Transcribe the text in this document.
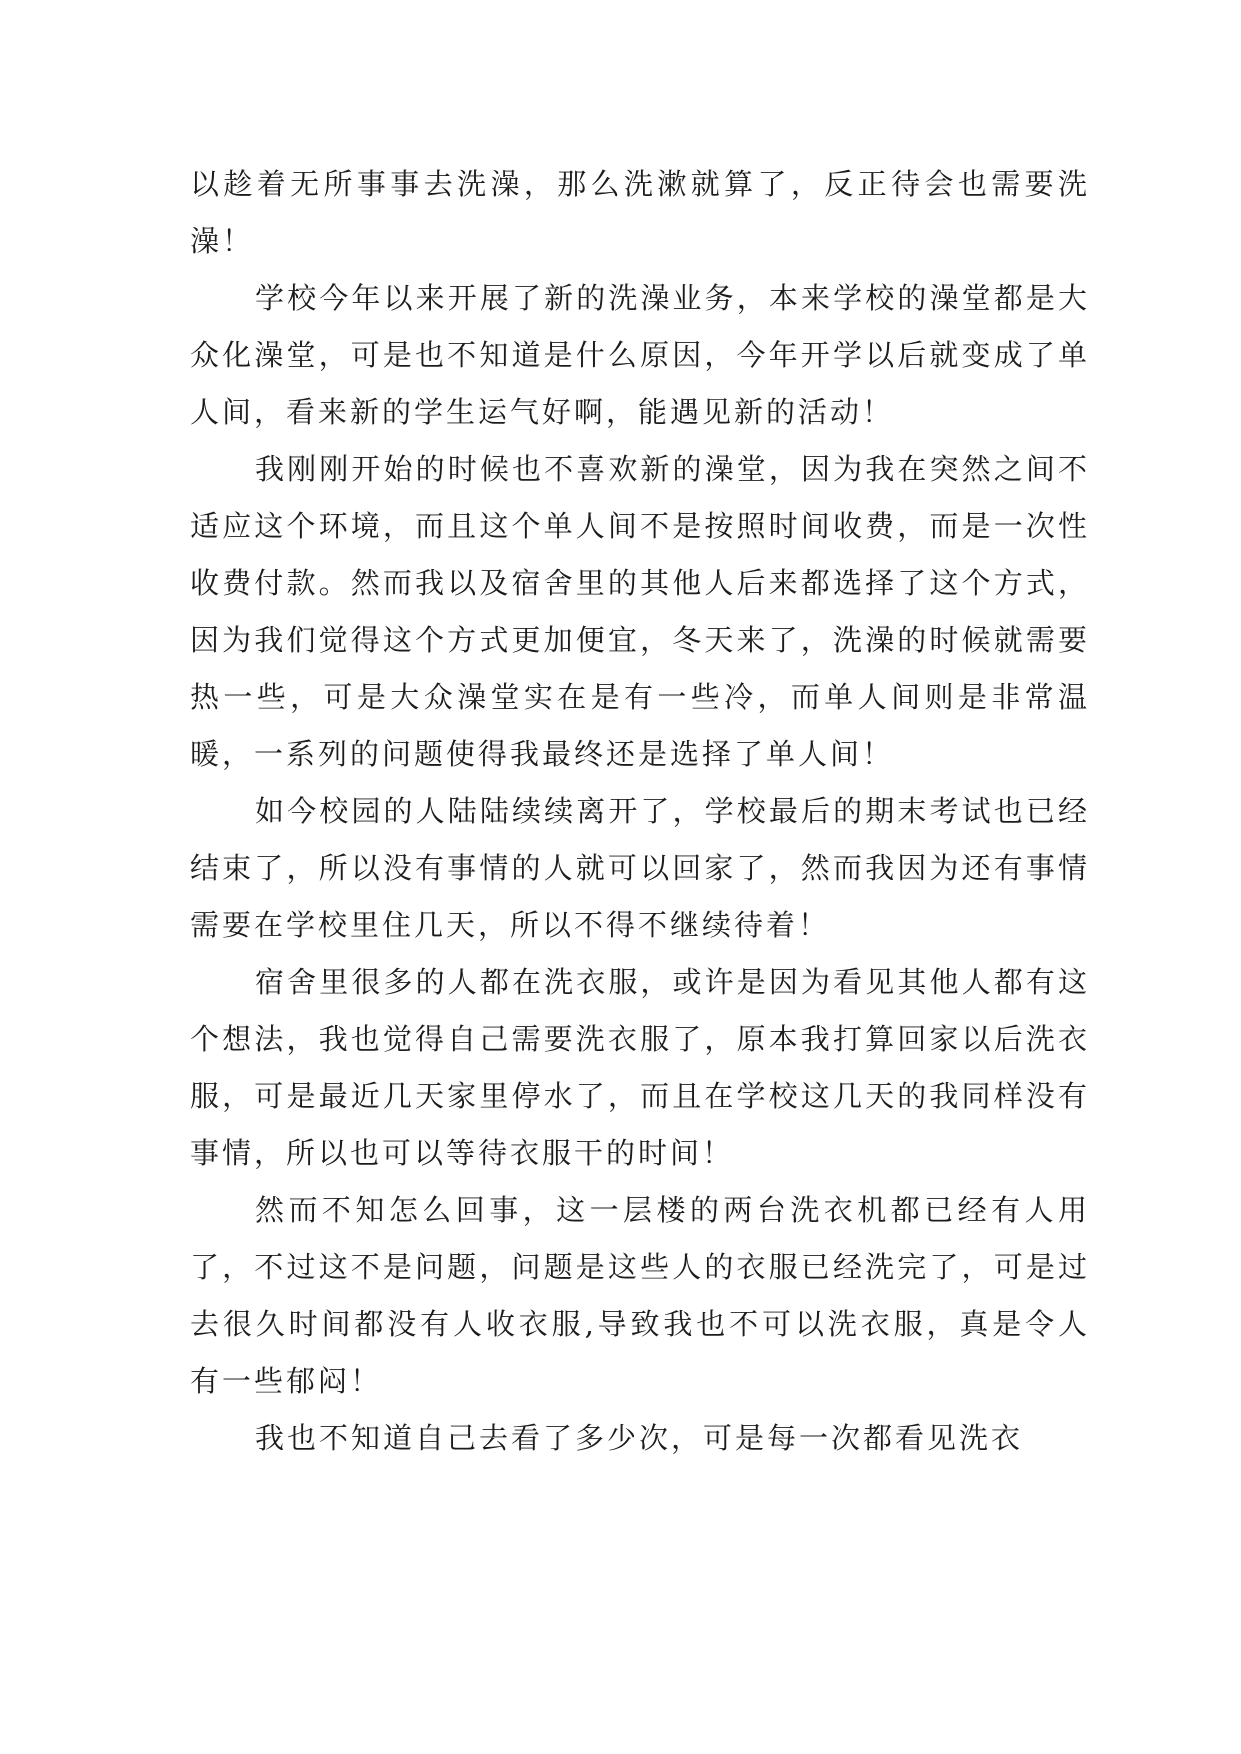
以趁着无所事事去洗澡，那么洗漱就算了，反正待会也需要洗澡！

学校今年以来开展了新的洗澡业务，本来学校的澡堂都是大众化澡堂，可是也不知道是什么原因，今年开学以后就变成了单人间，看来新的学生运气好啊，能遇见新的活动！

我刚刚开始的时候也不喜欢新的澡堂，因为我在突然之间不适应这个环境，而且这个单人间不是按照时间收费，而是一次性收费付款。然而我以及宿舍里的其他人后来都选择了这个方式，因为我们觉得这个方式更加便宜，冬天来了，洗澡的时候就需要热一些，可是大众澡堂实在是有一些冷，而单人间则是非常温暖，一系列的问题使得我最终还是选择了单人间！

如今校园的人陆陆续续离开了，学校最后的期末考试也已经结束了，所以没有事情的人就可以回家了，然而我因为还有事情需要在学校里住几天，所以不得不继续待着！

宿舍里很多的人都在洗衣服，或许是因为看见其他人都有这个想法，我也觉得自己需要洗衣服了，原本我打算回家以后洗衣服，可是最近几天家里停水了，而且在学校这几天的我同样没有事情，所以也可以等待衣服干的时间！

然而不知怎么回事，这一层楼的两台洗衣机都已经有人用了，不过这不是问题，问题是这些人的衣服已经洗完了，可是过去很久时间都没有人收衣服,导致我也不可以洗衣服，真是令人有一些郁闷！

我也不知道自己去看了多少次，可是每一次都看见洗衣
